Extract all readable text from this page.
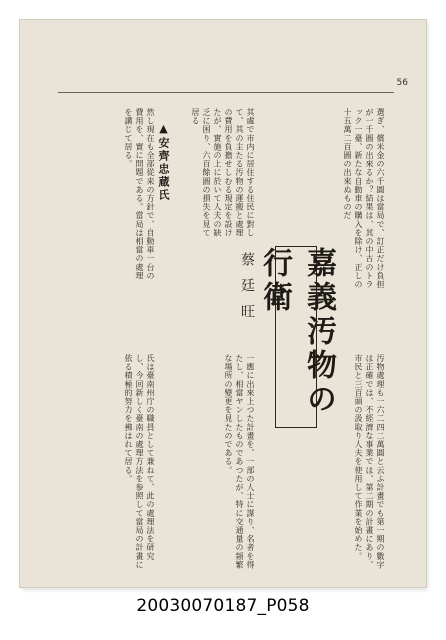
56
選ぎ、償米金の六千圓は當局で、訂正だけ負担が一千圓の出來るか？結果は、其の中古のトラック一臺、新たな自動車の購入を除け、正しの十五萬二百圓の出來ぬものだ
汚物處理も一六二四二萬圓と云ふ計畫でも第一期の數字は正確では、不經濟な事業では、第二期の計畫にあり、市民と三百頭の汲取り人夫を使用して作業を始めた。
其處で市内に居住する住民に對して、其の主たる汚物の運搬と處理の費用を負擔せしむる規定を設けたが、實施の上に於いて人夫の缺乏に困り、六百餘圓の損失を見て居る
一應に出來上つた計畫を、一部の人士に謀り、名者を得たし、相當ヤンしたものであつたが、特に交通量の頻繁な場所の變更を見たのである。
然し現在も全部從来の方針で、自動車一台の費用を、實に問題である。當局は相當の處理を講じて居る。
氏は臺南州庁の職員として兼ねて、此の處理法を研究し、今回新しく臺南の處理方法を参照して當局の計畫に依る積極的努力を拂はれて居る。
嘉義汚物の行衛
蔡廷旺
▲安齊忠蔵氏
20030070187_P058
